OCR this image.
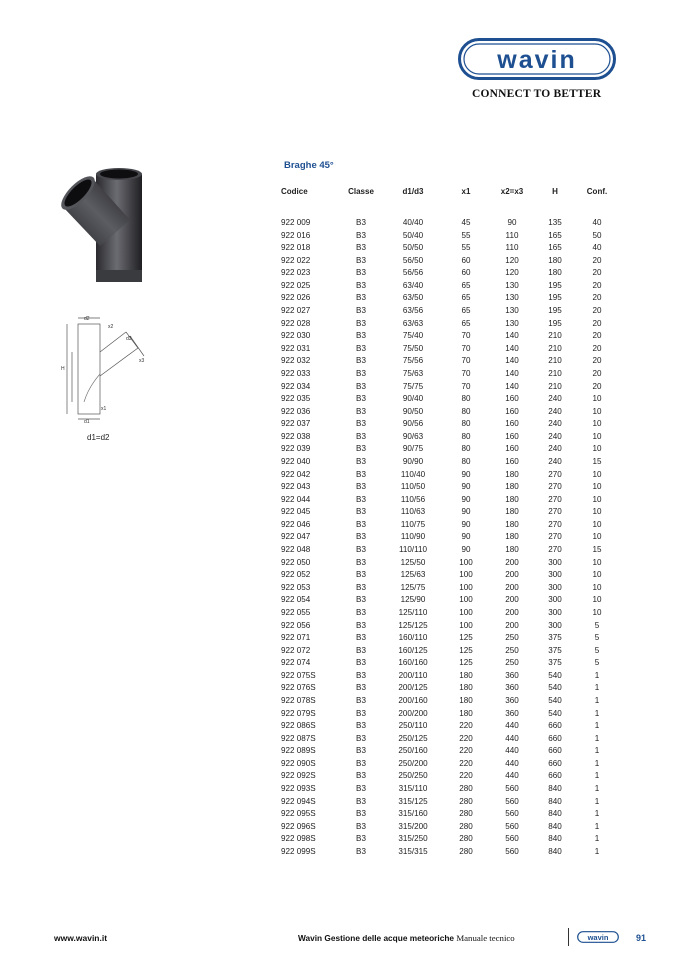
wavin
CONNECT TO BETTER
Braghe 45°
d2
x2
d3
x3
H
x1
d1
d1=d2
Codice	Classe	d1/d3	x1	x2=x3	H	Conf.

922 009	B3	40/40	45	90	135	40
922 016	B3	50/40	55	110	165	50
922 018	B3	50/50	55	110	165	40
922 022	B3	56/50	60	120	180	20
922 023	B3	56/56	60	120	180	20
922 025	B3	63/40	65	130	195	20
922 026	B3	63/50	65	130	195	20
922 027	B3	63/56	65	130	195	20
922 028	B3	63/63	65	130	195	20
922 030	B3	75/40	70	140	210	20
922 031	B3	75/50	70	140	210	20
922 032	B3	75/56	70	140	210	20
922 033	B3	75/63	70	140	210	20
922 034	B3	75/75	70	140	210	20
922 035	B3	90/40	80	160	240	10
922 036	B3	90/50	80	160	240	10
922 037	B3	90/56	80	160	240	10
922 038	B3	90/63	80	160	240	10
922 039	B3	90/75	80	160	240	10
922 040	B3	90/90	80	160	240	15
922 042	B3	110/40	90	180	270	10
922 043	B3	110/50	90	180	270	10
922 044	B3	110/56	90	180	270	10
922 045	B3	110/63	90	180	270	10
922 046	B3	110/75	90	180	270	10
922 047	B3	110/90	90	180	270	10
922 048	B3	110/110	90	180	270	15
922 050	B3	125/50	100	200	300	10
922 052	B3	125/63	100	200	300	10
922 053	B3	125/75	100	200	300	10
922 054	B3	125/90	100	200	300	10
922 055	B3	125/110	100	200	300	10
922 056	B3	125/125	100	200	300	5
922 071	B3	160/110	125	250	375	5
922 072	B3	160/125	125	250	375	5
922 074	B3	160/160	125	250	375	5
922 075S	B3	200/110	180	360	540	1
922 076S	B3	200/125	180	360	540	1
922 078S	B3	200/160	180	360	540	1
922 079S	B3	200/200	180	360	540	1
922 086S	B3	250/110	220	440	660	1
922 087S	B3	250/125	220	440	660	1
922 089S	B3	250/160	220	440	660	1
922 090S	B3	250/200	220	440	660	1
922 092S	B3	250/250	220	440	660	1
922 093S	B3	315/110	280	560	840	1
922 094S	B3	315/125	280	560	840	1
922 095S	B3	315/160	280	560	840	1
922 096S	B3	315/200	280	560	840	1
922 098S	B3	315/250	280	560	840	1
922 099S	B3	315/315	280	560	840	1
www.wavin.it	Wavin Gestione delle acque meteoriche Manuale tecnico	wavin	91
